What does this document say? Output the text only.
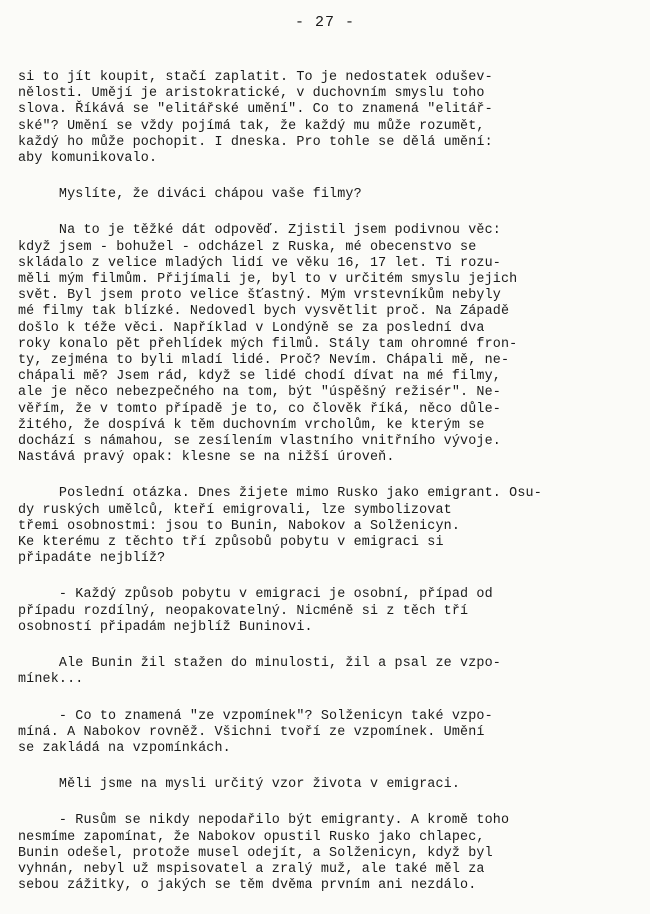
- 27 -
si to jít koupit, stačí zaplatit. To je nedostatek odušev-
nělosti. Umějí je aristokratické, v duchovním smyslu toho
slova. Říkává se "elitářské umění". Co to znamená "elitář-
ské"? Umění se vždy pojímá tak, že každý mu může rozumět,
každý ho může pochopit. I dneska. Pro tohle se dělá umění:
aby komunikovalo.
Myslíte, že diváci chápou vaše filmy?
Na to je těžké dát odpověď. Zjistil jsem podivnou věc:
když jsem - bohužel - odcházel z Ruska, mé obecenstvo se
skládalo z velice mladých lidí ve věku 16, 17 let. Ti rozu-
měli mým filmům. Přijímali je, byl to v určitém smyslu jejich
svět. Byl jsem proto velice šťastný. Mým vrstevníkům nebyly
mé filmy tak blízké. Nedovedl bych vysvětlit proč. Na Západě
došlo k téže věci. Například v Londýně se za poslední dva
roky konalo pět přehlídek mých filmů. Stály tam ohromné fron-
ty, zejména to byli mladí lidé. Proč? Nevím. Chápali mě, ne-
chápali mě? Jsem rád, když se lidé chodí dívat na mé filmy,
ale je něco nebezpečného na tom, být "úspěšný režisér". Ne-
věřím, že v tomto případě je to, co člověk říká, něco důle-
žitého, že dospívá k těm duchovním vrcholům, ke kterým se
dochází s námahou, se zesílením vlastního vnitřního vývoje.
Nastává pravý opak: klesne se na nižší úroveň.
Poslední otázka. Dnes žijete mimo Rusko jako emigrant. Osu-
dy ruských umělců, kteří emigrovali, lze symbolizovat
třemi osobnostmi: jsou to Bunin, Nabokov a Solženicyn.
Ke kterému z těchto tří způsobů pobytu v emigraci si
připadáte nejblíž?
- Každý způsob pobytu v emigraci je osobní, případ od
případu rozdílný, neopakovatelný. Nicméně si z těch tří
osobností připadám nejblíž Buninovi.
Ale Bunin žil stažen do minulosti, žil a psal ze vzpo-
mínek...
- Co to znamená "ze vzpomínek"? Solženicyn také vzpo-
míná. A Nabokov rovněž. Všichni tvoří ze vzpomínek. Umění
se zakládá na vzpomínkách.
Měli jsme na mysli určitý vzor života v emigraci.
- Rusům se nikdy nepodařilo být emigranty. A kromě toho
nesmíme zapomínat, že Nabokov opustil Rusko jako chlapec,
Bunin odešel, protože musel odejít, a Solženicyn, když byl
vyhnán, nebyl už mspisovatel a zralý muž, ale také měl za
sebou zážitky, o jakých se těm dvěma prvním ani nezdálo.
